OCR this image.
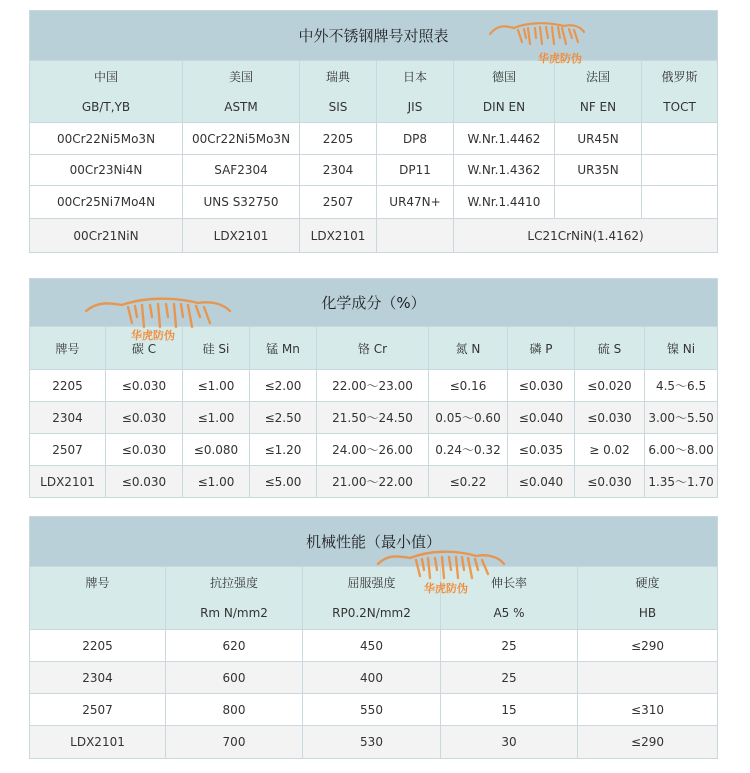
中外不锈钢牌号对照表						
中国	美国	瑞典	日本	德国	法国	俄罗斯
GB/T,YB	ASTM	SIS	JIS	DIN EN	NF EN	TOCT
00Cr22Ni5Mo3N	00Cr22Ni5Mo3N	2205	DP8	W.Nr.1.4462	UR45N	
00Cr23Ni4N	SAF2304	2304	DP11	W.Nr.1.4362	UR35N	
00Cr25Ni7Mo4N	UNS S32750	2507	UR47N+	W.Nr.1.4410		
00Cr21NiN	LDX2101	LDX2101		LC21CrNiN(1.4162)		
化学成分（%）								
牌号	碳 C	硅 Si	锰 Mn	铬 Cr	氮 N	磷 P	硫 S	镍 Ni
2205	≤0.030	≤1.00	≤2.00	22.00～23.00	≤0.16	≤0.030	≤0.020	4.5～6.5
2304	≤0.030	≤1.00	≤2.50	21.50～24.50	0.05～0.60	≤0.040	≤0.030	3.00～5.50
2507	≤0.030	≤0.080	≤1.20	24.00～26.00	0.24～0.32	≤0.035	≥ 0.02	6.00～8.00
LDX2101	≤0.030	≤1.00	≤5.00	21.00～22.00	≤0.22	≤0.040	≤0.030	1.35～1.70
机械性能（最小值）				
牌号	抗拉强度	屈服强度	伸长率	硬度
	Rm N/mm2	RP0.2N/mm2	A5 %	HB
2205	620	450	25	≤290
2304	600	400	25	
2507	800	550	15	≤310
LDX2101	700	530	30	≤290
华虎防伪
华虎防伪
华虎防伪
